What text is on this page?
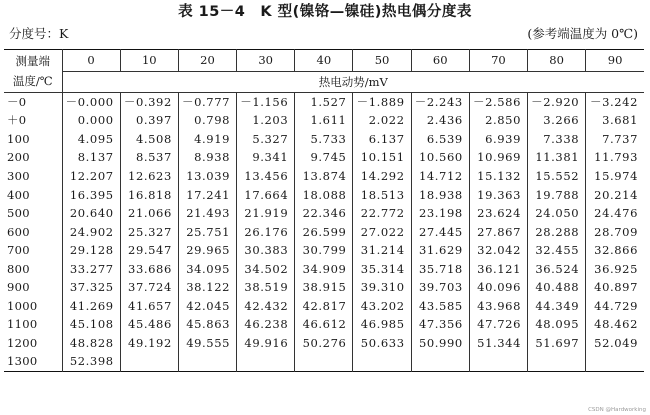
表 15－4　K 型(镍铬—镍硅)热电偶分度表
分度号：K	(参考端温度为 0℃)
测量端	0	10	20	30	40	50	60	70	80	90
温度/℃	热电动势/mV									
－0	－0.000	－0.392	－0.777	－1.156	1.527	－1.889	－2.243	－2.586	－2.920	－3.242
＋0	0.000	0.397	0.798	1.203	1.611	2.022	2.436	2.850	3.266	3.681
100	4.095	4.508	4.919	5.327	5.733	6.137	6.539	6.939	7.338	7.737
200	8.137	8.537	8.938	9.341	9.745	10.151	10.560	10.969	11.381	11.793
300	12.207	12.623	13.039	13.456	13.874	14.292	14.712	15.132	15.552	15.974
400	16.395	16.818	17.241	17.664	18.088	18.513	18.938	19.363	19.788	20.214
500	20.640	21.066	21.493	21.919	22.346	22.772	23.198	23.624	24.050	24.476
600	24.902	25.327	25.751	26.176	26.599	27.022	27.445	27.867	28.288	28.709
700	29.128	29.547	29.965	30.383	30.799	31.214	31.629	32.042	32.455	32.866
800	33.277	33.686	34.095	34.502	34.909	35.314	35.718	36.121	36.524	36.925
900	37.325	37.724	38.122	38.519	38.915	39.310	39.703	40.096	40.488	40.897
1000	41.269	41.657	42.045	42.432	42.817	43.202	43.585	43.968	44.349	44.729
1100	45.108	45.486	45.863	46.238	46.612	46.985	47.356	47.726	48.095	48.462
1200	48.828	49.192	49.555	49.916	50.276	50.633	50.990	51.344	51.697	52.049
1300	52.398									
CSDN @Hardworking
